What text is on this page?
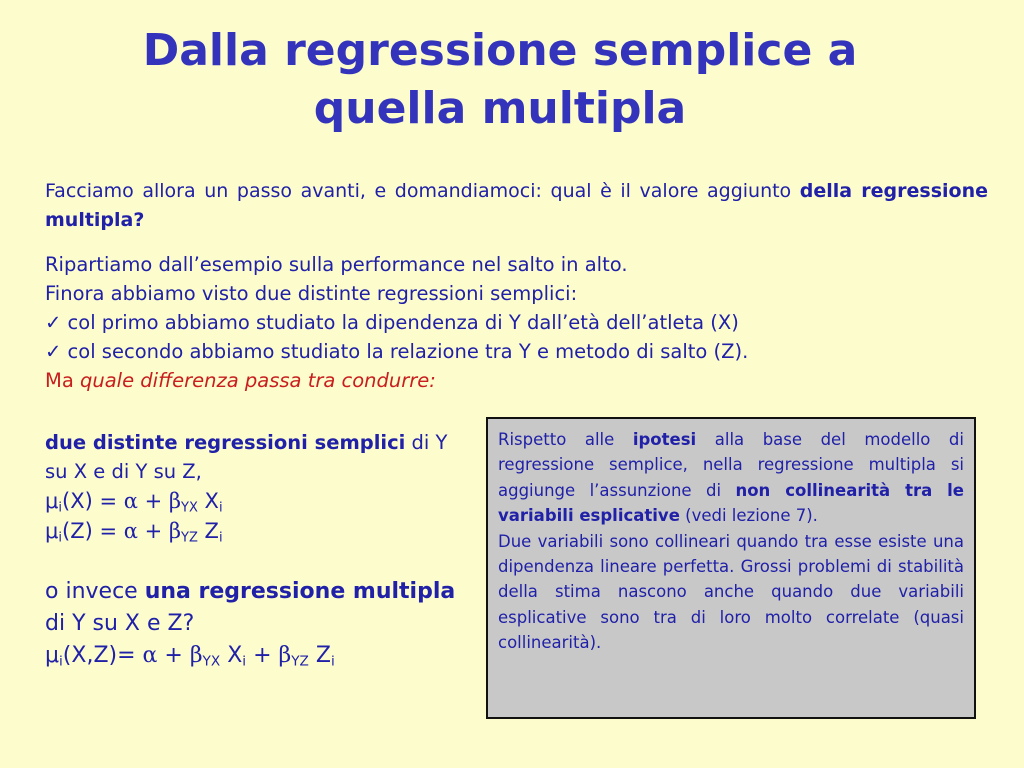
Dalla regressione semplice a
quella multipla
Facciamo allora un passo avanti, e domandiamoci: qual è il valore aggiunto della regressione multipla?
Ripartiamo dall’esempio sulla performance nel salto in alto.
Finora abbiamo visto due distinte regressioni semplici:
✓ col primo abbiamo studiato la dipendenza di Y dall’età dell’atleta (X)
✓ col secondo abbiamo studiato la relazione tra Y e metodo di salto (Z).
Ma quale differenza passa tra condurre:
due distinte regressioni semplici di Y su X e di Y su Z,
$\mu_i(X) = \alpha + \beta_{YX}$ $X_i$
$\mu_i(Z) = \alpha + \beta_{YZ}$ $Z_i$
o invece una regressione multipla di Y su X e Z?
$\mu_i(X,Z)= \alpha + \beta_{YX}$ $X_i + \beta_{YZ}$ $Z_i$

Rispetto alle ipotesi alla base del modello di regressione semplice, nella regressione multipla si aggiunge l’assunzione di non collinearità tra le variabili esplicative (vedi lezione 7).

Due variabili sono collineari quando tra esse esiste una dipendenza lineare perfetta. Grossi problemi di stabilità della stima nascono anche quando due variabili esplicative sono tra di loro molto correlate (quasi collinearità).
